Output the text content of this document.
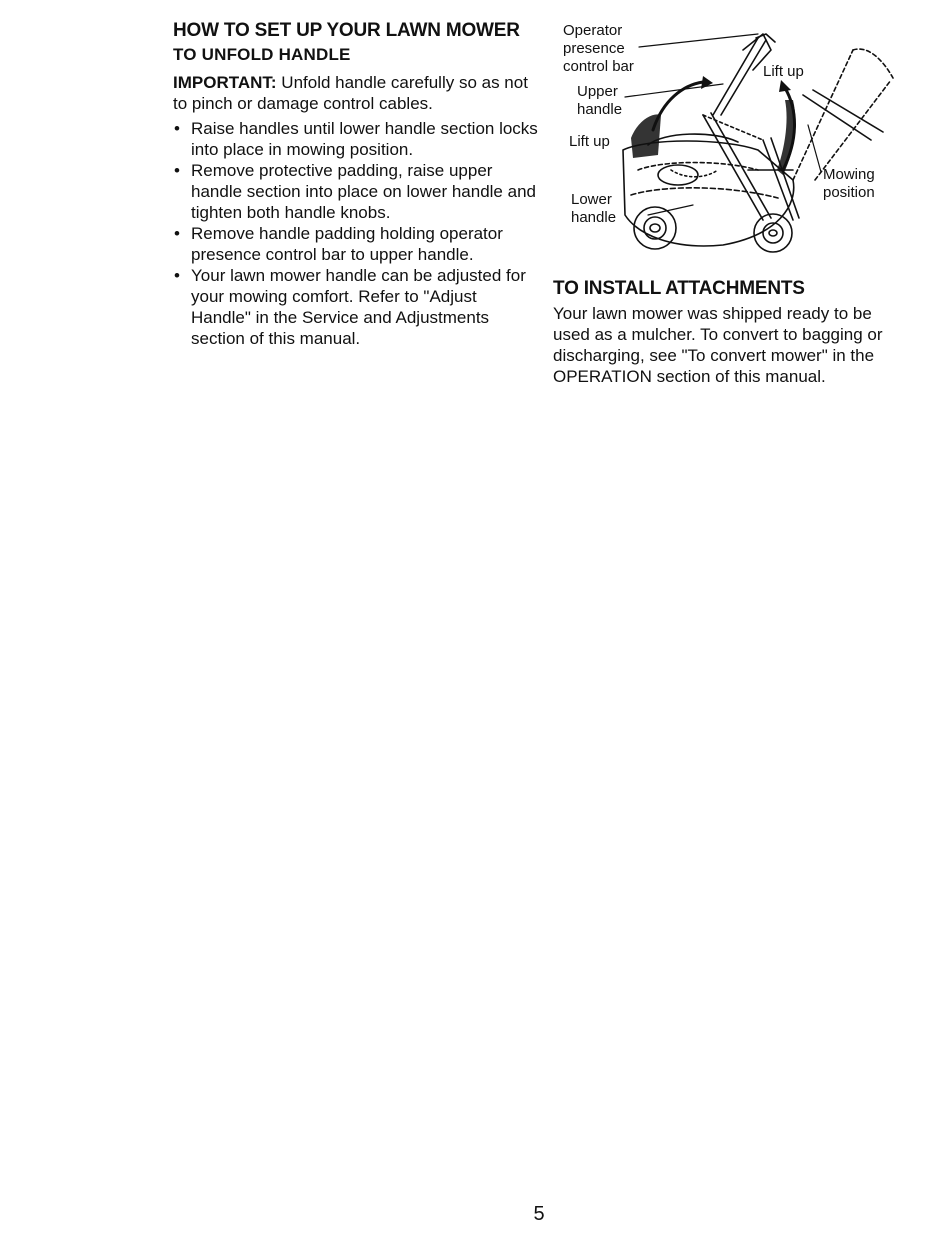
HOW TO SET UP YOUR LAWN MOWER
TO UNFOLD HANDLE

IMPORTANT: Unfold handle carefully so as not to pinch or damage control cables.

• Raise handles until lower handle section locks into place in mowing position.
• Remove protective padding, raise upper handle section into place on lower handle and tighten both handle knobs.
• Remove handle padding holding operator presence control bar to upper handle.
• Your lawn mower handle can be adjusted for your mowing comfort. Refer to "Adjust Handle" in the Service and Adjustments section of this manual.
Operator
presence
control bar
Upper
handle
Lift up
Lift up
Lower
handle
Mowing
position
TO INSTALL ATTACHMENTS

Your lawn mower was shipped ready to be used as a mulcher. To convert to bagging or discharging, see "To convert mower" in the OPERATION section of this manual.

5
